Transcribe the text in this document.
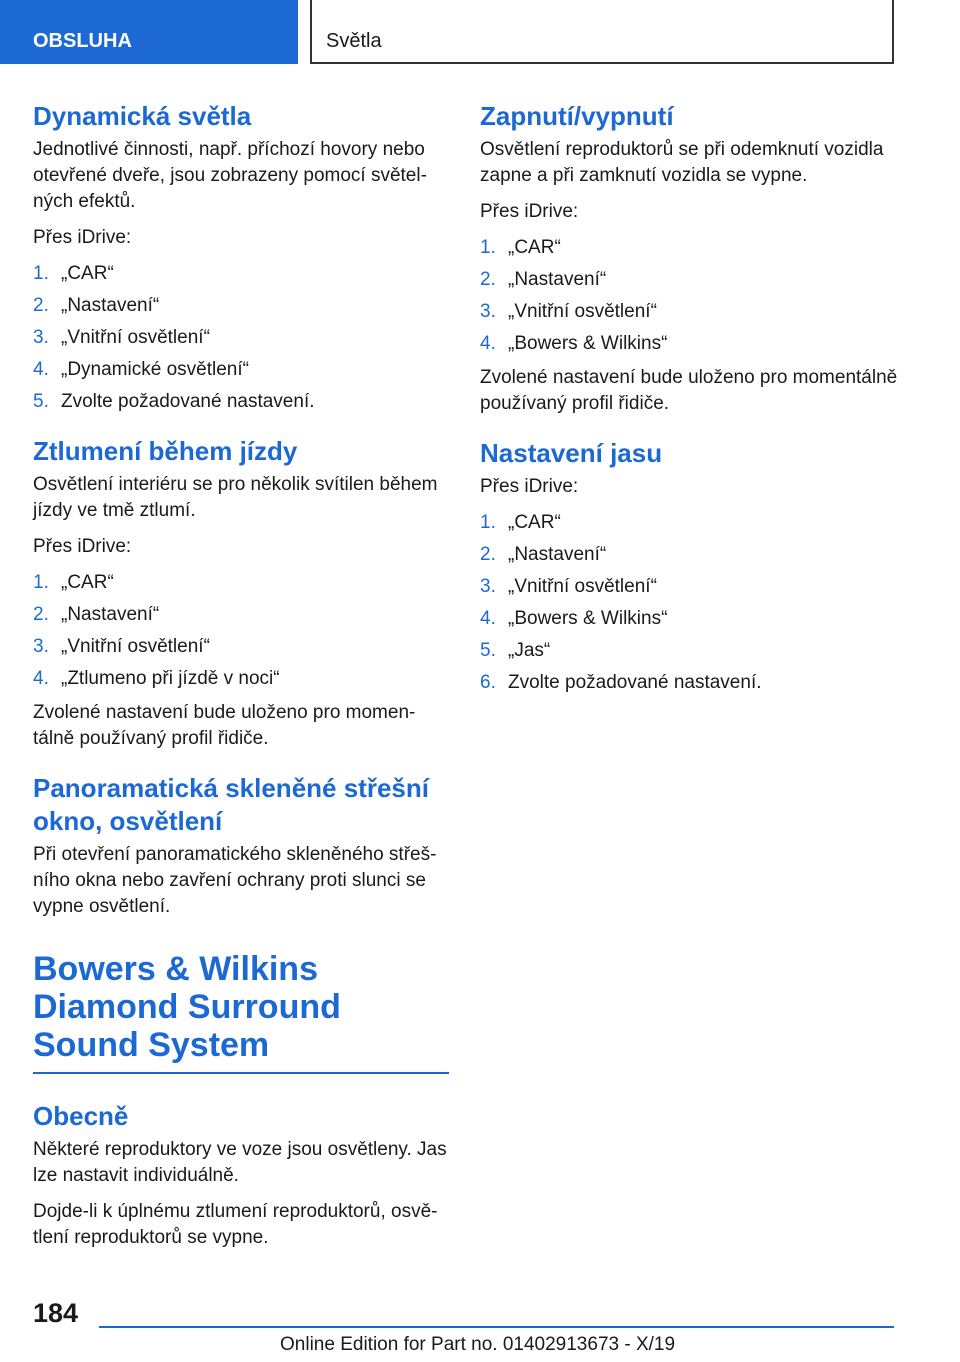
OBSLUHA	Světla
Dynamická světla

Jednotlivé činnosti, např. příchozí hovory nebo otevřené dveře, jsou zobrazeny pomocí světelných efektů.

Přes iDrive:

1. „CAR“
2. „Nastavení“
3. „Vnitřní osvětlení“
4. „Dynamické osvětlení“
5. Zvolte požadované nastavení.
Ztlumení během jízdy

Osvětlení interiéru se pro několik svítilen během jízdy ve tmě ztlumí.

Přes iDrive:

1. „CAR“
2. „Nastavení“
3. „Vnitřní osvětlení“
4. „Ztlumeno při jízdě v noci“

Zvolené nastavení bude uloženo pro momentálně používaný profil řidiče.

Panoramatická skleněné střešní okno, osvětlení

Při otevření panoramatického skleněného střešního okna nebo zavření ochrany proti slunci se vypne osvětlení.

Bowers & Wilkins Diamond Surround Sound System
Obecně

Některé reproduktory ve voze jsou osvětleny. Jas lze nastavit individuálně.

Dojde-li k úplnému ztlumení reproduktorů, osvětlení reproduktorů se vypne.

Zapnutí/vypnutí

Osvětlení reproduktorů se při odemknutí vozidla zapne a při zamknutí vozidla se vypne.

Přes iDrive:

1. „CAR“
2. „Nastavení“
3. „Vnitřní osvětlení“
4. „Bowers & Wilkins“

Zvolené nastavení bude uloženo pro momentálně používaný profil řidiče.

Nastavení jasu

Přes iDrive:

1. „CAR“
2. „Nastavení“
3. „Vnitřní osvětlení“
4. „Bowers & Wilkins“
5. „Jas“
6. Zvolte požadované nastavení.
184
Online Edition for Part no. 01402913673 - X/19
